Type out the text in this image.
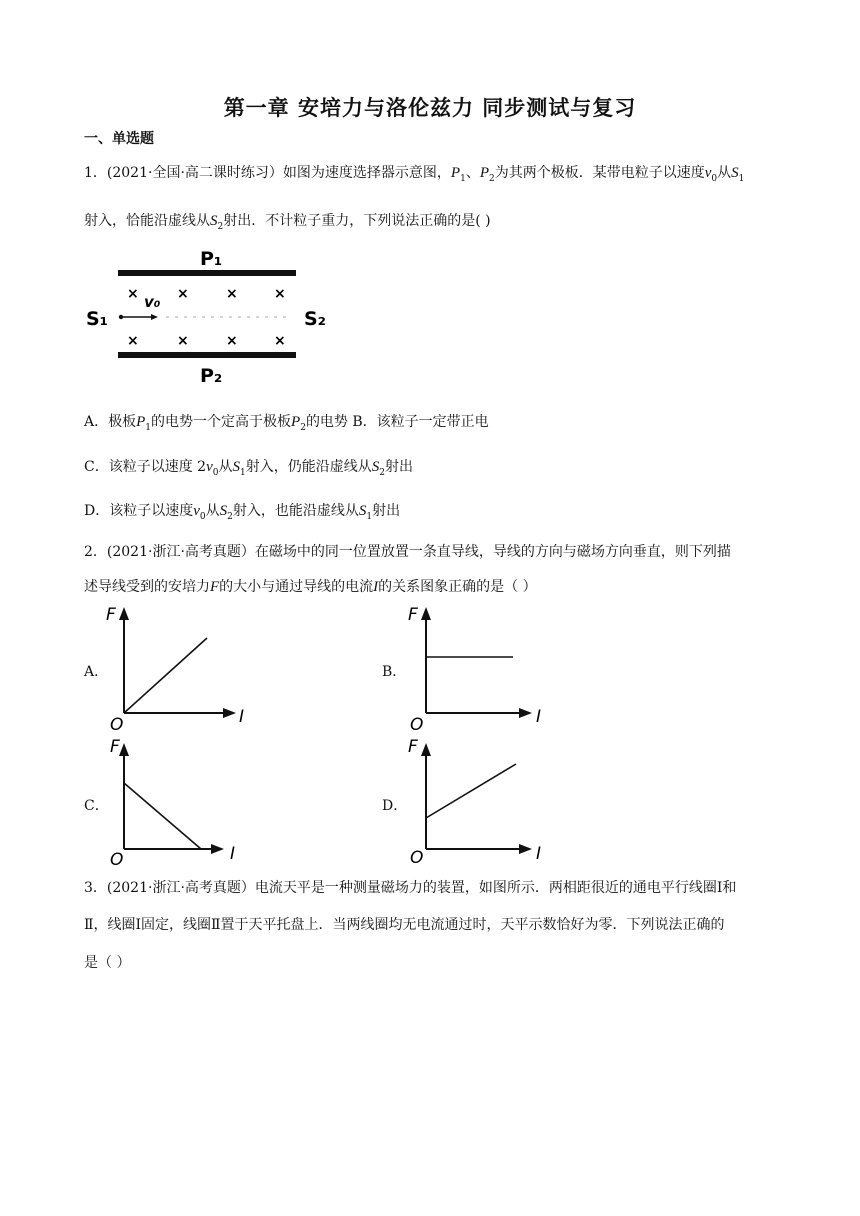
第一章 安培力与洛伦兹力 同步测试与复习
一、单选题
1．(2021·全国·高二课时练习）如图为速度选择器示意图，$P_1$、$P_2$为其两个极板．某带电粒子以速度$v_0$从$S_1$
射入，恰能沿虚线从$S_2$射出．不计粒子重力，下列说法正确的是( )
P₁
×	×	×	×
v₀
S₁	S₂
×	×	×	×
P₂
A．极板$P_1$的电势一个定高于极板$P_2$的电势 B．该粒子一定带正电
C．该粒子以速度 $2v_0$从$S_1$射入，仍能沿虚线从$S_2$射出
D．该粒子以速度$v_0$从$S_2$射入，也能沿虚线从$S_1$射出
2．(2021·浙江·高考真题）在磁场中的同一位置放置一条直导线，导线的方向与磁场方向垂直，则下列描
述导线受到的安培力F的大小与通过导线的电流I的关系图象正确的是（ ）
A．	B．
C．	D．
F
O	I
F
O	I
F
O	I
F
O	I
3．(2021·浙江·高考真题）电流天平是一种测量磁场力的装置，如图所示．两相距很近的通电平行线圈Ⅰ和
Ⅱ，线圈Ⅰ固定，线圈Ⅱ置于天平托盘上．当两线圈均无电流通过时，天平示数恰好为零．下列说法正确的
是（ ）
